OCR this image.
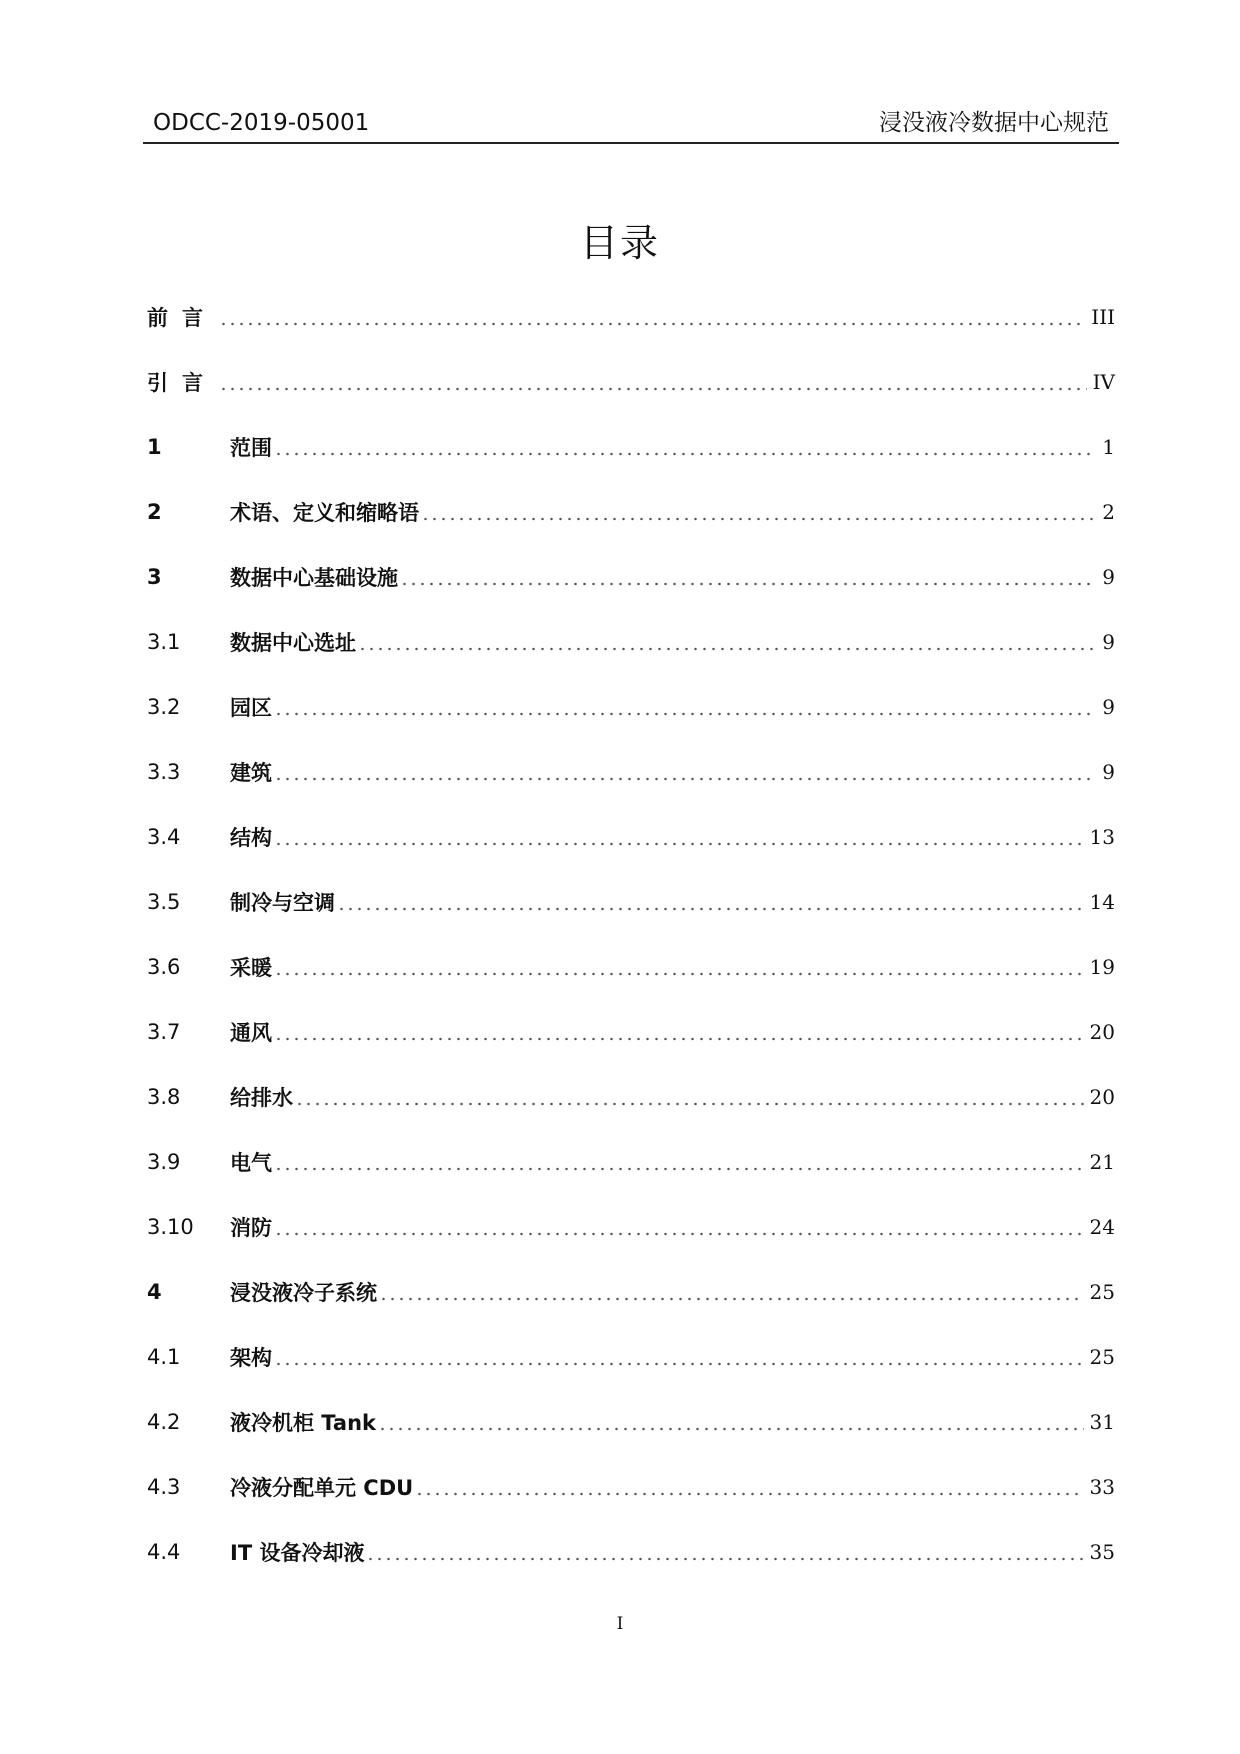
ODCC-2019-05001	浸没液冷数据中心规范
目录
前言	III
引言	IV
1	范围	1
2	术语、定义和缩略语	2
3	数据中心基础设施	9
3.1	数据中心选址	9
3.2	园区	9
3.3	建筑	9
3.4	结构	13
3.5	制冷与空调	14
3.6	采暖	19
3.7	通风	20
3.8	给排水	20
3.9	电气	21
3.10	消防	24
4	浸没液冷子系统	25
4.1	架构	25
4.2	液冷机柜 Tank	31
4.3	冷液分配单元 CDU	33
4.4	IT 设备冷却液	35
I
